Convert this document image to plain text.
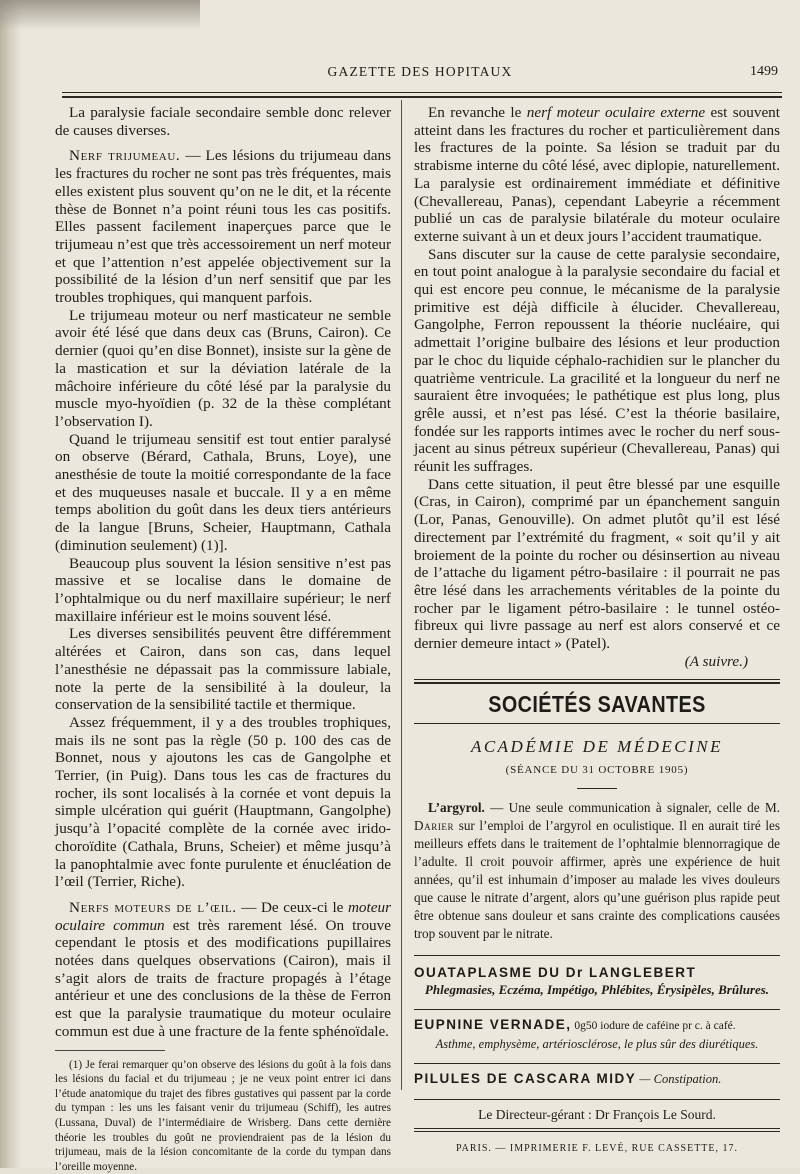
GAZETTE DES HOPITAUX	1499

La paralysie faciale secondaire semble donc relever de causes diverses.

Nerf trijumeau. — Les lésions du trijumeau dans les fractures du rocher ne sont pas très fréquentes, mais elles existent plus souvent qu’on ne le dit, et la récente thèse de Bonnet n’a point réuni tous les cas positifs. Elles passent facilement inaperçues parce que le trijumeau n’est que très accessoirement un nerf moteur et que l’attention n’est appelée objectivement sur la possibilité de la lésion d’un nerf sensitif que par les troubles trophiques, qui manquent parfois.

Le trijumeau moteur ou nerf masticateur ne semble avoir été lésé que dans deux cas (Bruns, Cairon). Ce dernier (quoi qu’en dise Bonnet), insiste sur la gène de la mastication et sur la déviation latérale de la mâchoire inférieure du côté lésé par la paralysie du muscle myo-hyoïdien (p. 32 de la thèse complétant l’observation I).

Quand le trijumeau sensitif est tout entier paralysé on observe (Bérard, Cathala, Bruns, Loye), une anesthésie de toute la moitié correspondante de la face et des muqueuses nasale et buccale. Il y a en même temps abolition du goût dans les deux tiers antérieurs de la langue [Bruns, Scheier, Hauptmann, Cathala (diminution seulement) (1)].

Beaucoup plus souvent la lésion sensitive n’est pas massive et se localise dans le domaine de l’ophtalmique ou du nerf maxillaire supérieur; le nerf maxillaire inférieur est le moins souvent lésé.

Les diverses sensibilités peuvent être différemment altérées et Cairon, dans son cas, dans lequel l’anesthésie ne dépassait pas la commissure labiale, note la perte de la sensibilité à la douleur, la conservation de la sensibilité tactile et thermique.

Assez fréquemment, il y a des troubles trophiques, mais ils ne sont pas la règle (50 p. 100 des cas de Bonnet, nous y ajoutons les cas de Gangolphe et Terrier, (in Puig). Dans tous les cas de fractures du rocher, ils sont localisés à la cornée et vont depuis la simple ulcération qui guérit (Hauptmann, Gangolphe) jusqu’à l’opacité complète de la cornée avec irido-choroïdite (Cathala, Bruns, Scheier) et même jusqu’à la panophtalmie avec fonte purulente et énucléation de l’œil (Terrier, Riche).

Nerfs moteurs de l’œil. — De ceux-ci le moteur oculaire commun est très rarement lésé. On trouve cependant le ptosis et des modifications pupillaires notées dans quelques observations (Cairon), mais il s’agit alors de traits de fracture propagés à l’étage antérieur et une des conclusions de la thèse de Ferron est que la paralysie traumatique du moteur oculaire commun est due à une fracture de la fente sphénoïdale.

(1) Je ferai remarquer qu’on observe des lésions du goût à la fois dans les lésions du facial et du trijumeau ; je ne veux point entrer ici dans l’étude anatomique du trajet des fibres gustatives qui passent par la corde du tympan : les uns les faisant venir du trijumeau (Schiff), les autres (Lussana, Duval) de l’intermédiaire de Wrisberg. Dans cette dernière théorie les troubles du goût ne proviendraient pas de la lésion du trijumeau, mais de la lésion concomitante de la corde du tympan dans l’oreille moyenne.

En revanche le nerf moteur oculaire externe est souvent atteint dans les fractures du rocher et particulièrement dans les fractures de la pointe. Sa lésion se traduit par du strabisme interne du côté lésé, avec diplopie, naturellement. La paralysie est ordinairement immédiate et définitive (Chevallereau, Panas), cependant Labeyrie a récemment publié un cas de paralysie bilatérale du moteur oculaire externe suivant à un et deux jours l’accident traumatique.

Sans discuter sur la cause de cette paralysie secondaire, en tout point analogue à la paralysie secondaire du facial et qui est encore peu connue, le mécanisme de la paralysie primitive est déjà difficile à élucider. Chevallereau, Gangolphe, Ferron repoussent la théorie nucléaire, qui admettait l’origine bulbaire des lésions et leur production par le choc du liquide céphalo-rachidien sur le plancher du quatrième ventricule. La gracilité et la longueur du nerf ne sauraient être invoquées; le pathétique est plus long, plus grêle aussi, et n’est pas lésé. C’est la théorie basilaire, fondée sur les rapports intimes avec le rocher du nerf sous-jacent au sinus pétreux supérieur (Chevallereau, Panas) qui réunit les suffrages.

Dans cette situation, il peut être blessé par une esquille (Cras, in Cairon), comprimé par un épanchement sanguin (Lor, Panas, Genouville). On admet plutôt qu’il est lésé directement par l’extrémité du fragment, « soit qu’il y ait broiement de la pointe du rocher ou désinsertion au niveau de l’attache du ligament pétro-basilaire : il pourrait ne pas être lésé dans les arrachements véritables de la pointe du rocher par le ligament pétro-basilaire : le tunnel ostéo-fibreux qui livre passage au nerf est alors conservé et ce dernier demeure intact » (Patel).

(A suivre.)

SOCIÉTÉS SAVANTES
ACADÉMIE DE MÉDECINE

(SÉANCE DU 31 OCTOBRE 1905)

L’argyrol. — Une seule communication à signaler, celle de M. Darier sur l’emploi de l’argyrol en oculistique. Il en aurait tiré les meilleurs effets dans le traitement de l’ophtalmie blennorragique de l’adulte. Il croit pouvoir affirmer, après une expérience de huit années, qu’il est inhumain d’imposer au malade les vives douleurs que cause le nitrate d’argent, alors qu’une guérison plus rapide peut être obtenue sans douleur et sans crainte des complications causées trop souvent par le nitrate.

OUATAPLASME DU Dr LANGLEBERT
Phlegmasies, Eczéma, Impétigo, Phlébites, Érysipèles, Brûlures.
EUPNINE VERNADE, 0g50 iodure de caféine pr c. à café.
Asthme, emphysème, artériosclérose, le plus sûr des diurétiques.
PILULES DE CASCARA MIDY — Constipation.
Le Directeur-gérant : Dr François Le Sourd.
PARIS. — IMPRIMERIE F. LEVÉ, RUE CASSETTE, 17.
